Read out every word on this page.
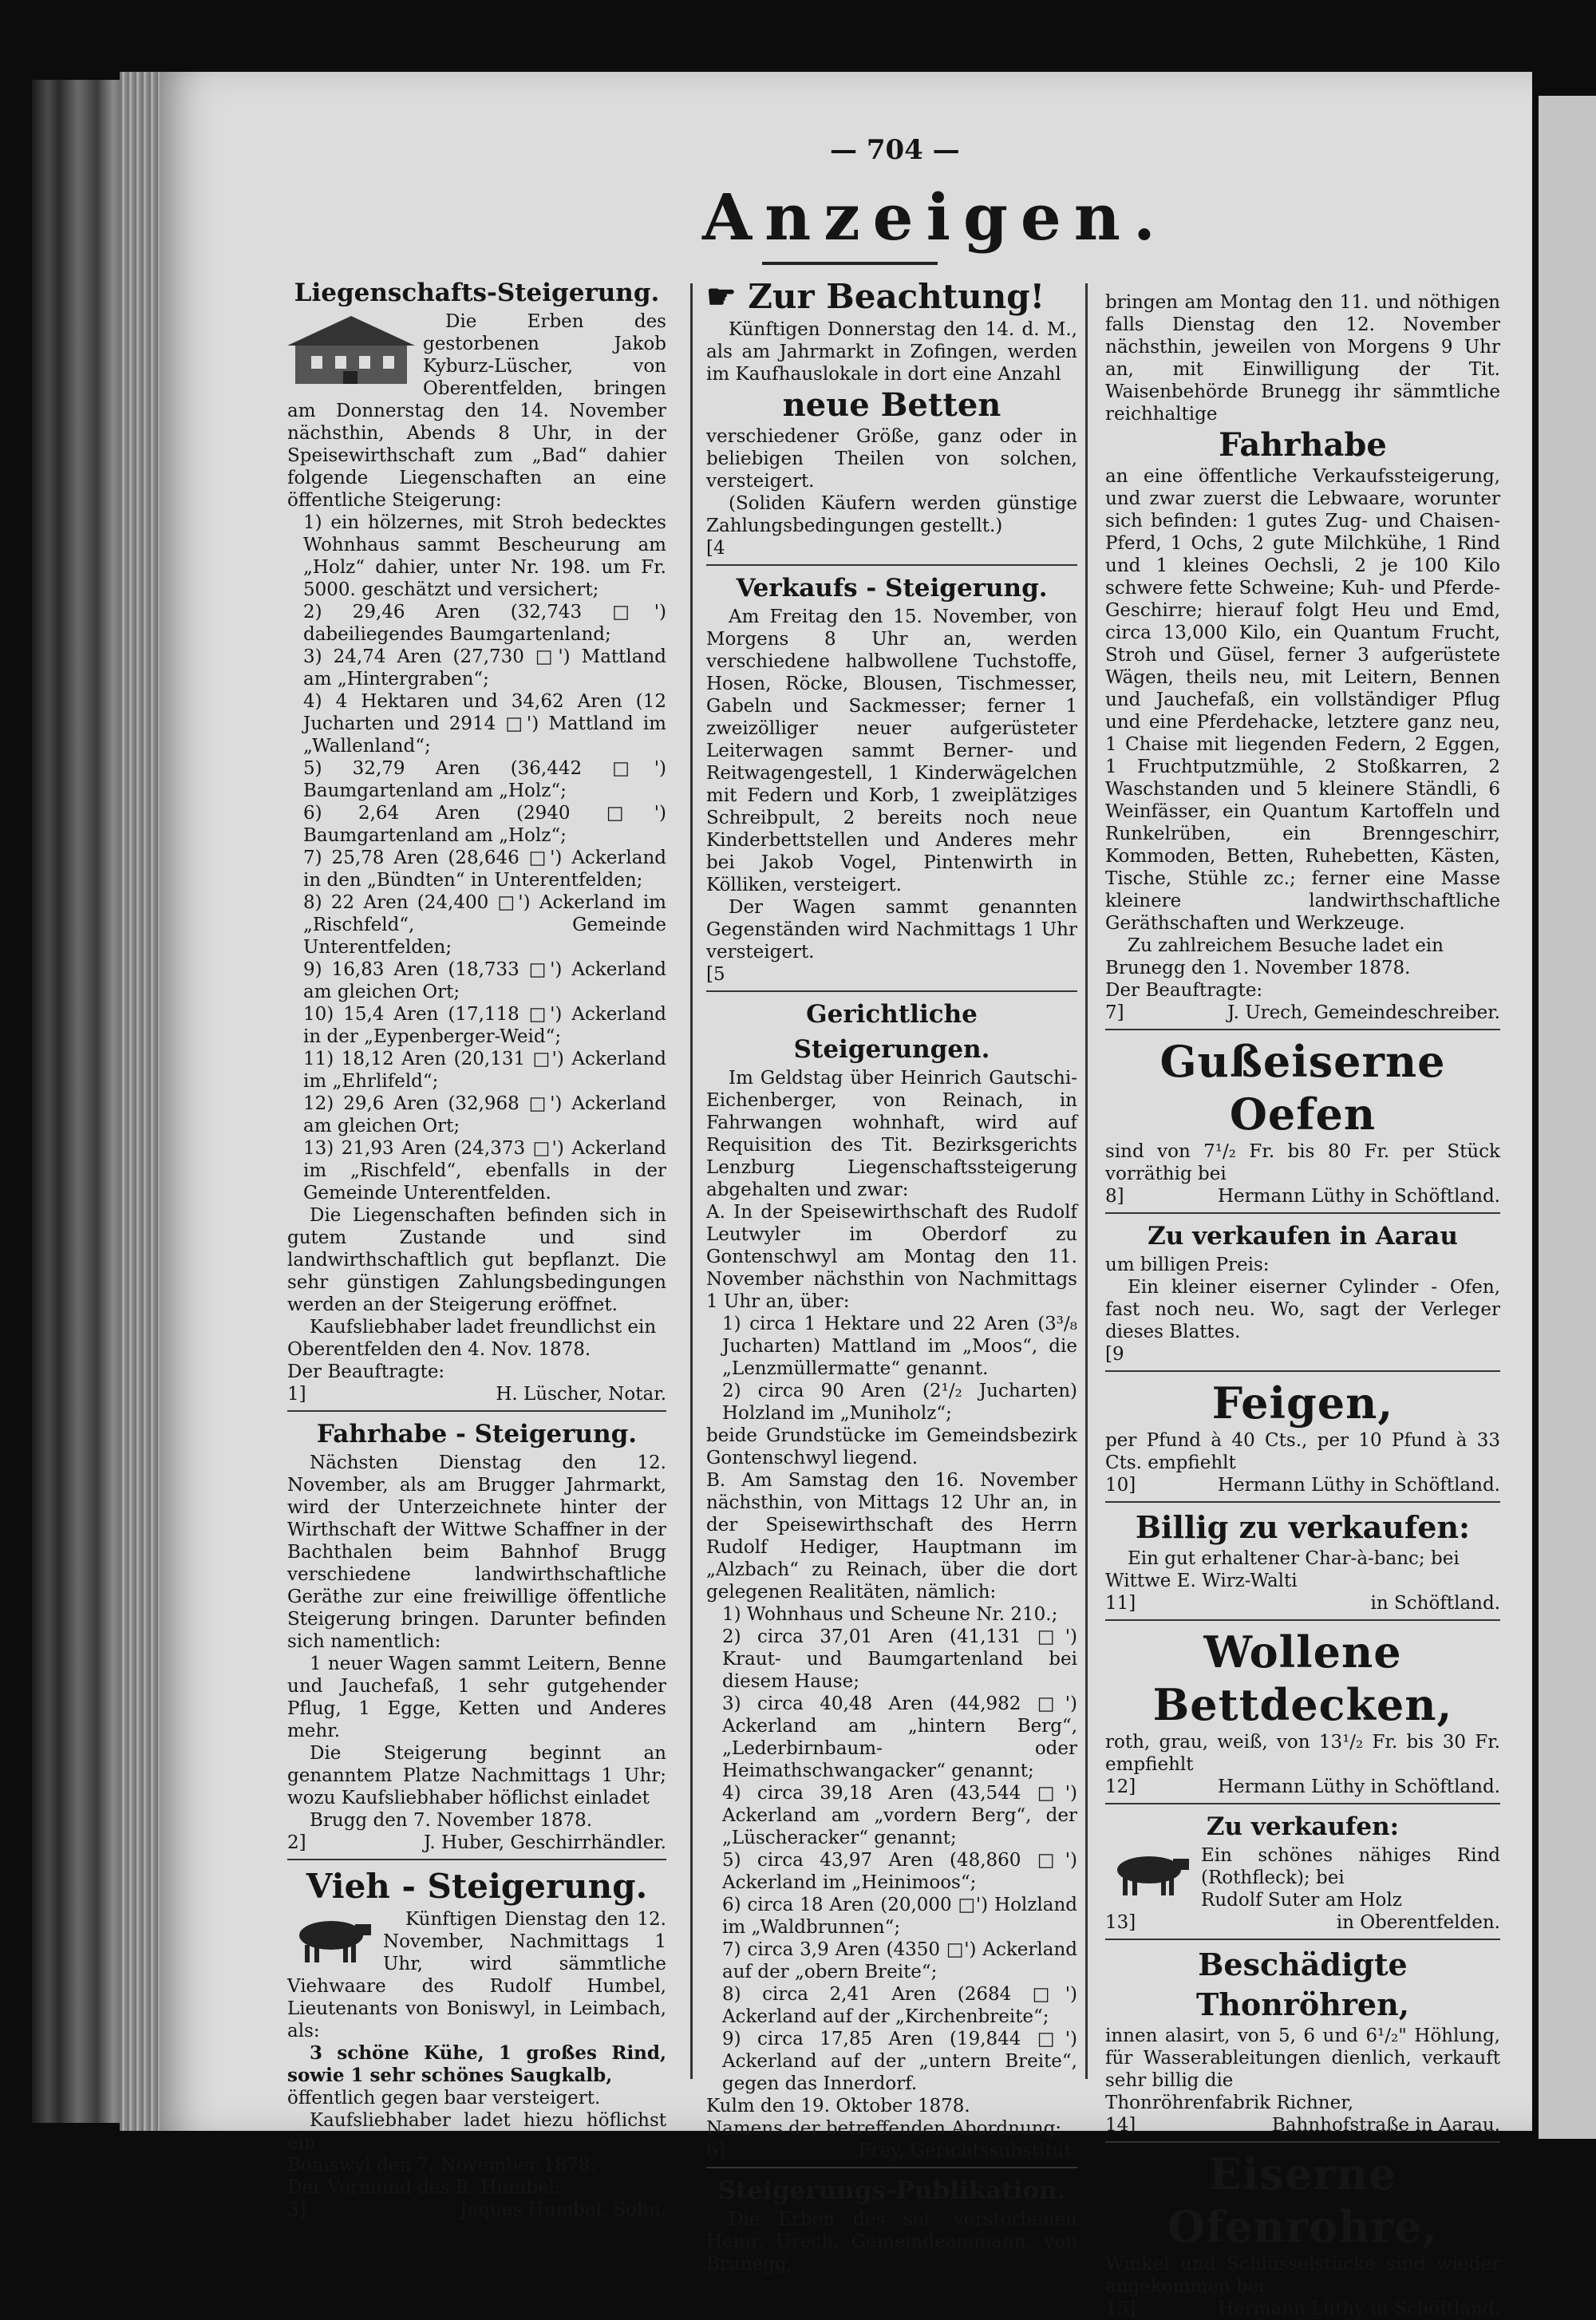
— 704 —
Anzeigen.
Liegenschafts-Steigerung.

Die Erben des gestorbenen Jakob Kyburz-Lüscher, von Oberentfelden, bringen am Donnerstag den 14. November nächsthin, Abends 8 Uhr, in der Speisewirthschaft zum „Bad“ dahier folgende Liegenschaften an eine öffentliche Steigerung:

1) ein hölzernes, mit Stroh bedecktes Wohnhaus sammt Bescheurung am „Holz“ dahier, unter Nr. 198. um Fr. 5000. geschätzt und versichert;

2) 29,46 Aren (32,743 □') dabeiliegendes Baumgartenland;

3) 24,74 Aren (27,730 □') Mattland am „Hintergraben“;

4) 4 Hektaren und 34,62 Aren (12 Jucharten und 2914 □') Mattland im „Wallenland“;

5) 32,79 Aren (36,442 □') Baumgartenland am „Holz“;

6) 2,64 Aren (2940 □') Baumgartenland am „Holz“;

7) 25,78 Aren (28,646 □') Ackerland in den „Bündten“ in Unterentfelden;

8) 22 Aren (24,400 □') Ackerland im „Rischfeld“, Gemeinde Unterentfelden;

9) 16,83 Aren (18,733 □') Ackerland am gleichen Ort;

10) 15,4 Aren (17,118 □') Ackerland in der „Eypenberger-Weid“;

11) 18,12 Aren (20,131 □') Ackerland im „Ehrlifeld“;

12) 29,6 Aren (32,968 □') Ackerland am gleichen Ort;

13) 21,93 Aren (24,373 □') Ackerland im „Rischfeld“, ebenfalls in der Gemeinde Unterentfelden.

Die Liegenschaften befinden sich in gutem Zustande und sind landwirthschaftlich gut bepflanzt. Die sehr günstigen Zahlungsbedingungen werden an der Steigerung eröffnet.

Kaufsliebhaber ladet freundlichst ein

Oberentfelden den 4. Nov. 1878.

Der Beauftragte:

1]	H. Lüscher, Notar.
Fahrhabe - Steigerung.

Nächsten Dienstag den 12. November, als am Brugger Jahrmarkt, wird der Unterzeichnete hinter der Wirthschaft der Wittwe Schaffner in der Bachthalen beim Bahnhof Brugg verschiedene landwirthschaftliche Geräthe zur eine freiwillige öffentliche Steigerung bringen. Darunter befinden sich namentlich:

1 neuer Wagen sammt Leitern, Benne und Jauchefaß, 1 sehr gutgehender Pflug, 1 Egge, Ketten und Anderes mehr.

Die Steigerung beginnt an genanntem Platze Nachmittags 1 Uhr; wozu Kaufsliebhaber höflichst einladet

Brugg den 7. November 1878.

2]	J. Huber, Geschirrhändler.
Vieh - Steigerung.

Künftigen Dienstag den 12. November, Nachmittags 1 Uhr, wird sämmtliche Viehwaare des Rudolf Humbel, Lieutenants von Boniswyl, in Leimbach, als:

3 schöne Kühe, 1 großes Rind, sowie 1 sehr schönes Saugkalb,

öffentlich gegen baar versteigert.

Kaufsliebhaber ladet hiezu höflichst ein

Boniswyl den 7. November 1878.

Der Vormund des R. Humbel:

3]	Jaques Humbel, Sohn.
☛ Zur Beachtung!

Künftigen Donnerstag den 14. d. M., als am Jahrmarkt in Zofingen, werden im Kaufhauslokale in dort eine Anzahl

neue Betten

verschiedener Größe, ganz oder in beliebigen Theilen von solchen, versteigert.

(Soliden Käufern werden günstige Zahlungsbedingungen gestellt.)

[4

Verkaufs - Steigerung.

Am Freitag den 15. November, von Morgens 8 Uhr an, werden verschiedene halbwollene Tuchstoffe, Hosen, Röcke, Blousen, Tischmesser, Gabeln und Sackmesser; ferner 1 zweizölliger neuer aufgerüsteter Leiterwagen sammt Berner- und Reitwagengestell, 1 Kinderwägelchen mit Federn und Korb, 1 zweiplätziges Schreibpult, 2 bereits noch neue Kinderbettstellen und Anderes mehr bei Jakob Vogel, Pintenwirth in Kölliken, versteigert.

Der Wagen sammt genannten Gegenständen wird Nachmittags 1 Uhr versteigert.

[5

Gerichtliche Steigerungen.

Im Geldstag über Heinrich Gautschi-Eichenberger, von Reinach, in Fahrwangen wohnhaft, wird auf Requisition des Tit. Bezirksgerichts Lenzburg Liegenschaftssteigerung abgehalten und zwar:

A. In der Speisewirthschaft des Rudolf Leutwyler im Oberdorf zu Gontenschwyl am Montag den 11. November nächsthin von Nachmittags 1 Uhr an, über:

1) circa 1 Hektare und 22 Aren (3³/₈ Jucharten) Mattland im „Moos“, die „Lenzmüllermatte“ genannt.

2) circa 90 Aren (2¹/₂ Jucharten) Holzland im „Muniholz“;

beide Grundstücke im Gemeindsbezirk Gontenschwyl liegend.

B. Am Samstag den 16. November nächsthin, von Mittags 12 Uhr an, in der Speisewirthschaft des Herrn Rudolf Hediger, Hauptmann im „Alzbach“ zu Reinach, über die dort gelegenen Realitäten, nämlich:

1) Wohnhaus und Scheune Nr. 210.;

2) circa 37,01 Aren (41,131 □') Kraut- und Baumgartenland bei diesem Hause;

3) circa 40,48 Aren (44,982 □') Ackerland am „hintern Berg“, „Lederbirnbaum- oder Heimathschwangacker“ genannt;

4) circa 39,18 Aren (43,544 □') Ackerland am „vordern Berg“, der „Lüscheracker“ genannt;

5) circa 43,97 Aren (48,860 □') Ackerland im „Heinimoos“;

6) circa 18 Aren (20,000 □') Holzland im „Waldbrunnen“;

7) circa 3,9 Aren (4350 □') Ackerland auf der „obern Breite“;

8) circa 2,41 Aren (2684 □') Ackerland auf der „Kirchenbreite“;

9) circa 17,85 Aren (19,844 □') Ackerland auf der „untern Breite“, gegen das Innerdorf.

Kulm den 19. Oktober 1878.

Namens der betreffenden Abordnung:

6]	Frey, Gerichtssubstitut.
Steigerungs-Publikation.

Die Erben des sel. verstorbenen Heinr. Urech, Gemeindeammann, von Brunegg,

bringen am Montag den 11. und nöthigen falls Dienstag den 12. November nächsthin, jeweilen von Morgens 9 Uhr an, mit Einwilligung der Tit. Waisenbehörde Brunegg ihr sämmtliche reichhaltige

Fahrhabe

an eine öffentliche Verkaufssteigerung, und zwar zuerst die Lebwaare, worunter sich befinden: 1 gutes Zug- und Chaisen-Pferd, 1 Ochs, 2 gute Milchkühe, 1 Rind und 1 kleines Oechsli, 2 je 100 Kilo schwere fette Schweine; Kuh- und Pferde-Geschirre; hierauf folgt Heu und Emd, circa 13,000 Kilo, ein Quantum Frucht, Stroh und Güsel, ferner 3 aufgerüstete Wägen, theils neu, mit Leitern, Bennen und Jauchefaß, ein vollständiger Pflug und eine Pferdehacke, letztere ganz neu, 1 Chaise mit liegenden Federn, 2 Eggen, 1 Fruchtputzmühle, 2 Stoßkarren, 2 Waschstanden und 5 kleinere Ständli, 6 Weinfässer, ein Quantum Kartoffeln und Runkelrüben, ein Brenngeschirr, Kommoden, Betten, Ruhebetten, Kästen, Tische, Stühle zc.; ferner eine Masse kleinere landwirthschaftliche Geräthschaften und Werkzeuge.

Zu zahlreichem Besuche ladet ein

Brunegg den 1. November 1878.

Der Beauftragte:

7]	J. Urech, Gemeindeschreiber.
Gußeiserne Oefen

sind von 7¹/₂ Fr. bis 80 Fr. per Stück vorräthig bei

8]	Hermann Lüthy in Schöftland.
Zu verkaufen in Aarau

um billigen Preis:

Ein kleiner eiserner Cylinder - Ofen, fast noch neu. Wo, sagt der Verleger dieses Blattes.

[9

Feigen,

per Pfund à 40 Cts., per 10 Pfund à 33 Cts. empfiehlt

10]	Hermann Lüthy in Schöftland.
Billig zu verkaufen:

Ein gut erhaltener Char-à-banc; bei

Wittwe E. Wirz-Walti

11]	in Schöftland.
Wollene Bettdecken,

roth, grau, weiß, von 13¹/₂ Fr. bis 30 Fr. empfiehlt

12]	Hermann Lüthy in Schöftland.
Zu verkaufen:

Ein schönes nähiges Rind (Rothfleck); bei

Rudolf Suter am Holz

13]	in Oberentfelden.
Beschädigte Thonröhren,

innen alasirt, von 5, 6 und 6¹/₂" Höhlung, für Wasserableitungen dienlich, verkauft sehr billig die

Thonröhrenfabrik Richner,

14]	Bahnhofstraße in Aarau.
Eiserne Ofenrohre,

Winkel und Schlüsselstücke sind wieder angekommen bei

15]	Hermann Lüthy in Schöftland.
